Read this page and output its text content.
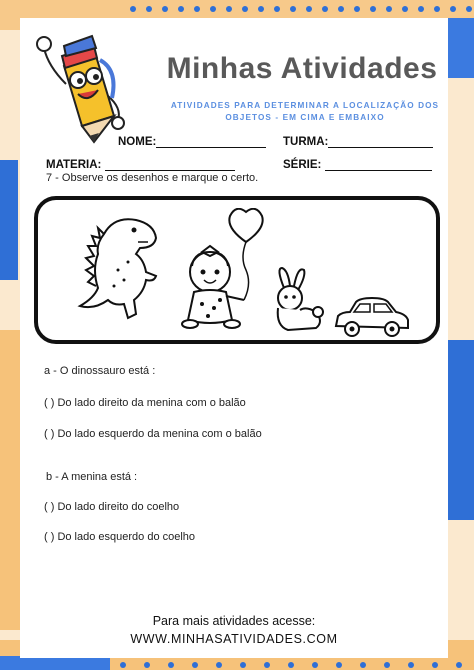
Minhas Atividades
ATIVIDADES PARA DETERMINAR A LOCALIZAÇÃO DOS
OBJETOS - EM CIMA E EMBAIXO
NOME:	TURMA:
MATERIA:	SÉRIE:
7 - Observe os desenhos e marque o certo.
a - O dinossauro está :
( ) Do lado direito da menina com o balão
( ) Do lado esquerdo da menina com o balão
b - A menina está :
( ) Do lado direito do coelho
( ) Do lado esquerdo do coelho
Para mais atividades acesse:
WWW.MINHASATIVIDADES.COM
